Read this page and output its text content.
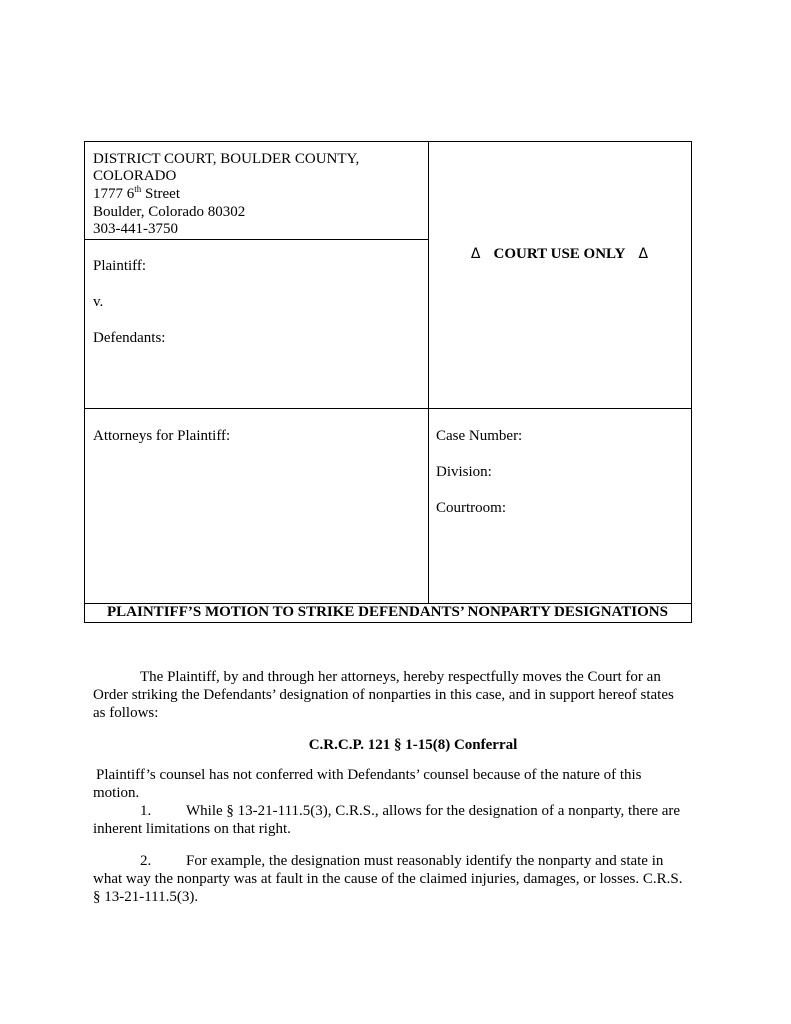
DISTRICT COURT, BOULDER COUNTY,
COLORADO
1777 6th Street
Boulder, Colorado 80302
303-441-3750
Plaintiff:
v.
Defendants:
Δ COURT USE ONLY Δ
Attorneys for Plaintiff:	Case Number:
Division:
Courtroom:
PLAINTIFF’S MOTION TO STRIKE DEFENDANTS’ NONPARTY DESIGNATIONS
The Plaintiff, by and through her attorneys, hereby respectfully moves the Court for an
Order striking the Defendants’ designation of nonparties in this case, and in support hereof states
as follows:
C.R.C.P. 121 § 1-15(8) Conferral
Plaintiff’s counsel has not conferred with Defendants’ counsel because of the nature of this
motion.
1. While § 13-21-111.5(3), C.R.S., allows for the designation of a nonparty, there are
inherent limitations on that right.
2. For example, the designation must reasonably identify the nonparty and state in
what way the nonparty was at fault in the cause of the claimed injuries, damages, or losses. C.R.S.
§ 13-21-111.5(3).
